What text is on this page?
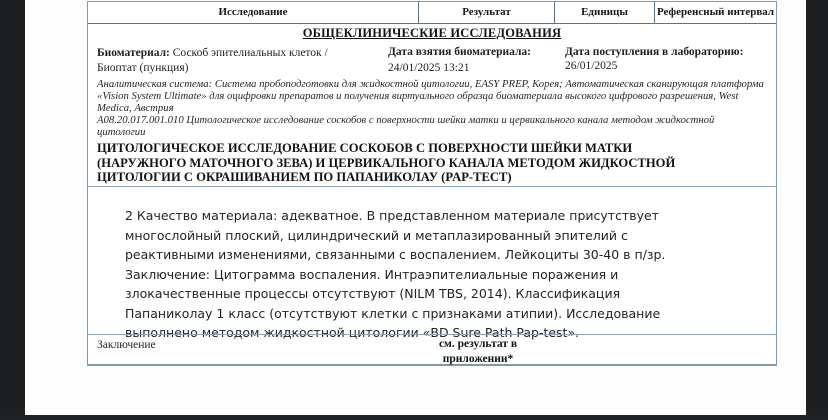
Исследование	Результат	Единицы	Референсный интервал
ОБЩЕКЛИНИЧЕСКИЕ ИССЛЕДОВАНИЯ
Биоматериал: Соскоб эпителиальных клеток / Биоптат (пункция)
Дата взятия биоматериала:
24/01/2025 13:21
Дата поступления в лабораторию:
26/01/2025
Аналитическая система: Система пробоподготовки для жидкостной цитологии, EASY PREP, Корея; Автоматическая сканирующая платформа «Vision System Ultimate» для оцифровки препаратов и получения виртуального образца биоматериала высокого цифрового разрешения, West Medica, Австрия
A08.20.017.001.010 Цитологическое исследование соскобов с поверхности шейки матки и цервикального канала методом жидкостной цитологии
ЦИТОЛОГИЧЕСКОЕ ИССЛЕДОВАНИЕ СОСКОБОВ С ПОВЕРХНОСТИ ШЕЙКИ МАТКИ (НАРУЖНОГО МАТОЧНОГО ЗЕВА) И ЦЕРВИКАЛЬНОГО КАНАЛА МЕТОДОМ ЖИДКОСТНОЙ ЦИТОЛОГИИ С ОКРАШИВАНИЕМ ПО ПАПАНИКОЛАУ (PAP-ТЕСТ)

2 Качество материала: адекватное. В представленном материале присутствует многослойный плоский, цилиндрический и метаплазированный эпителий с реактивными изменениями, связанными с воспалением. Лейкоциты 30-40 в п/зр. Заключение: Цитограмма воспаления. Интраэпителиальные поражения и злокачественные процессы отсутствуют (NILM TBS, 2014). Классификация Папаниколау 1 класс (отсутствуют клетки с признаками атипии). Исследование выполнено методом жидкостной цитологии «BD Sure Path Pap-test».

Заключение	см. результат в приложении*
